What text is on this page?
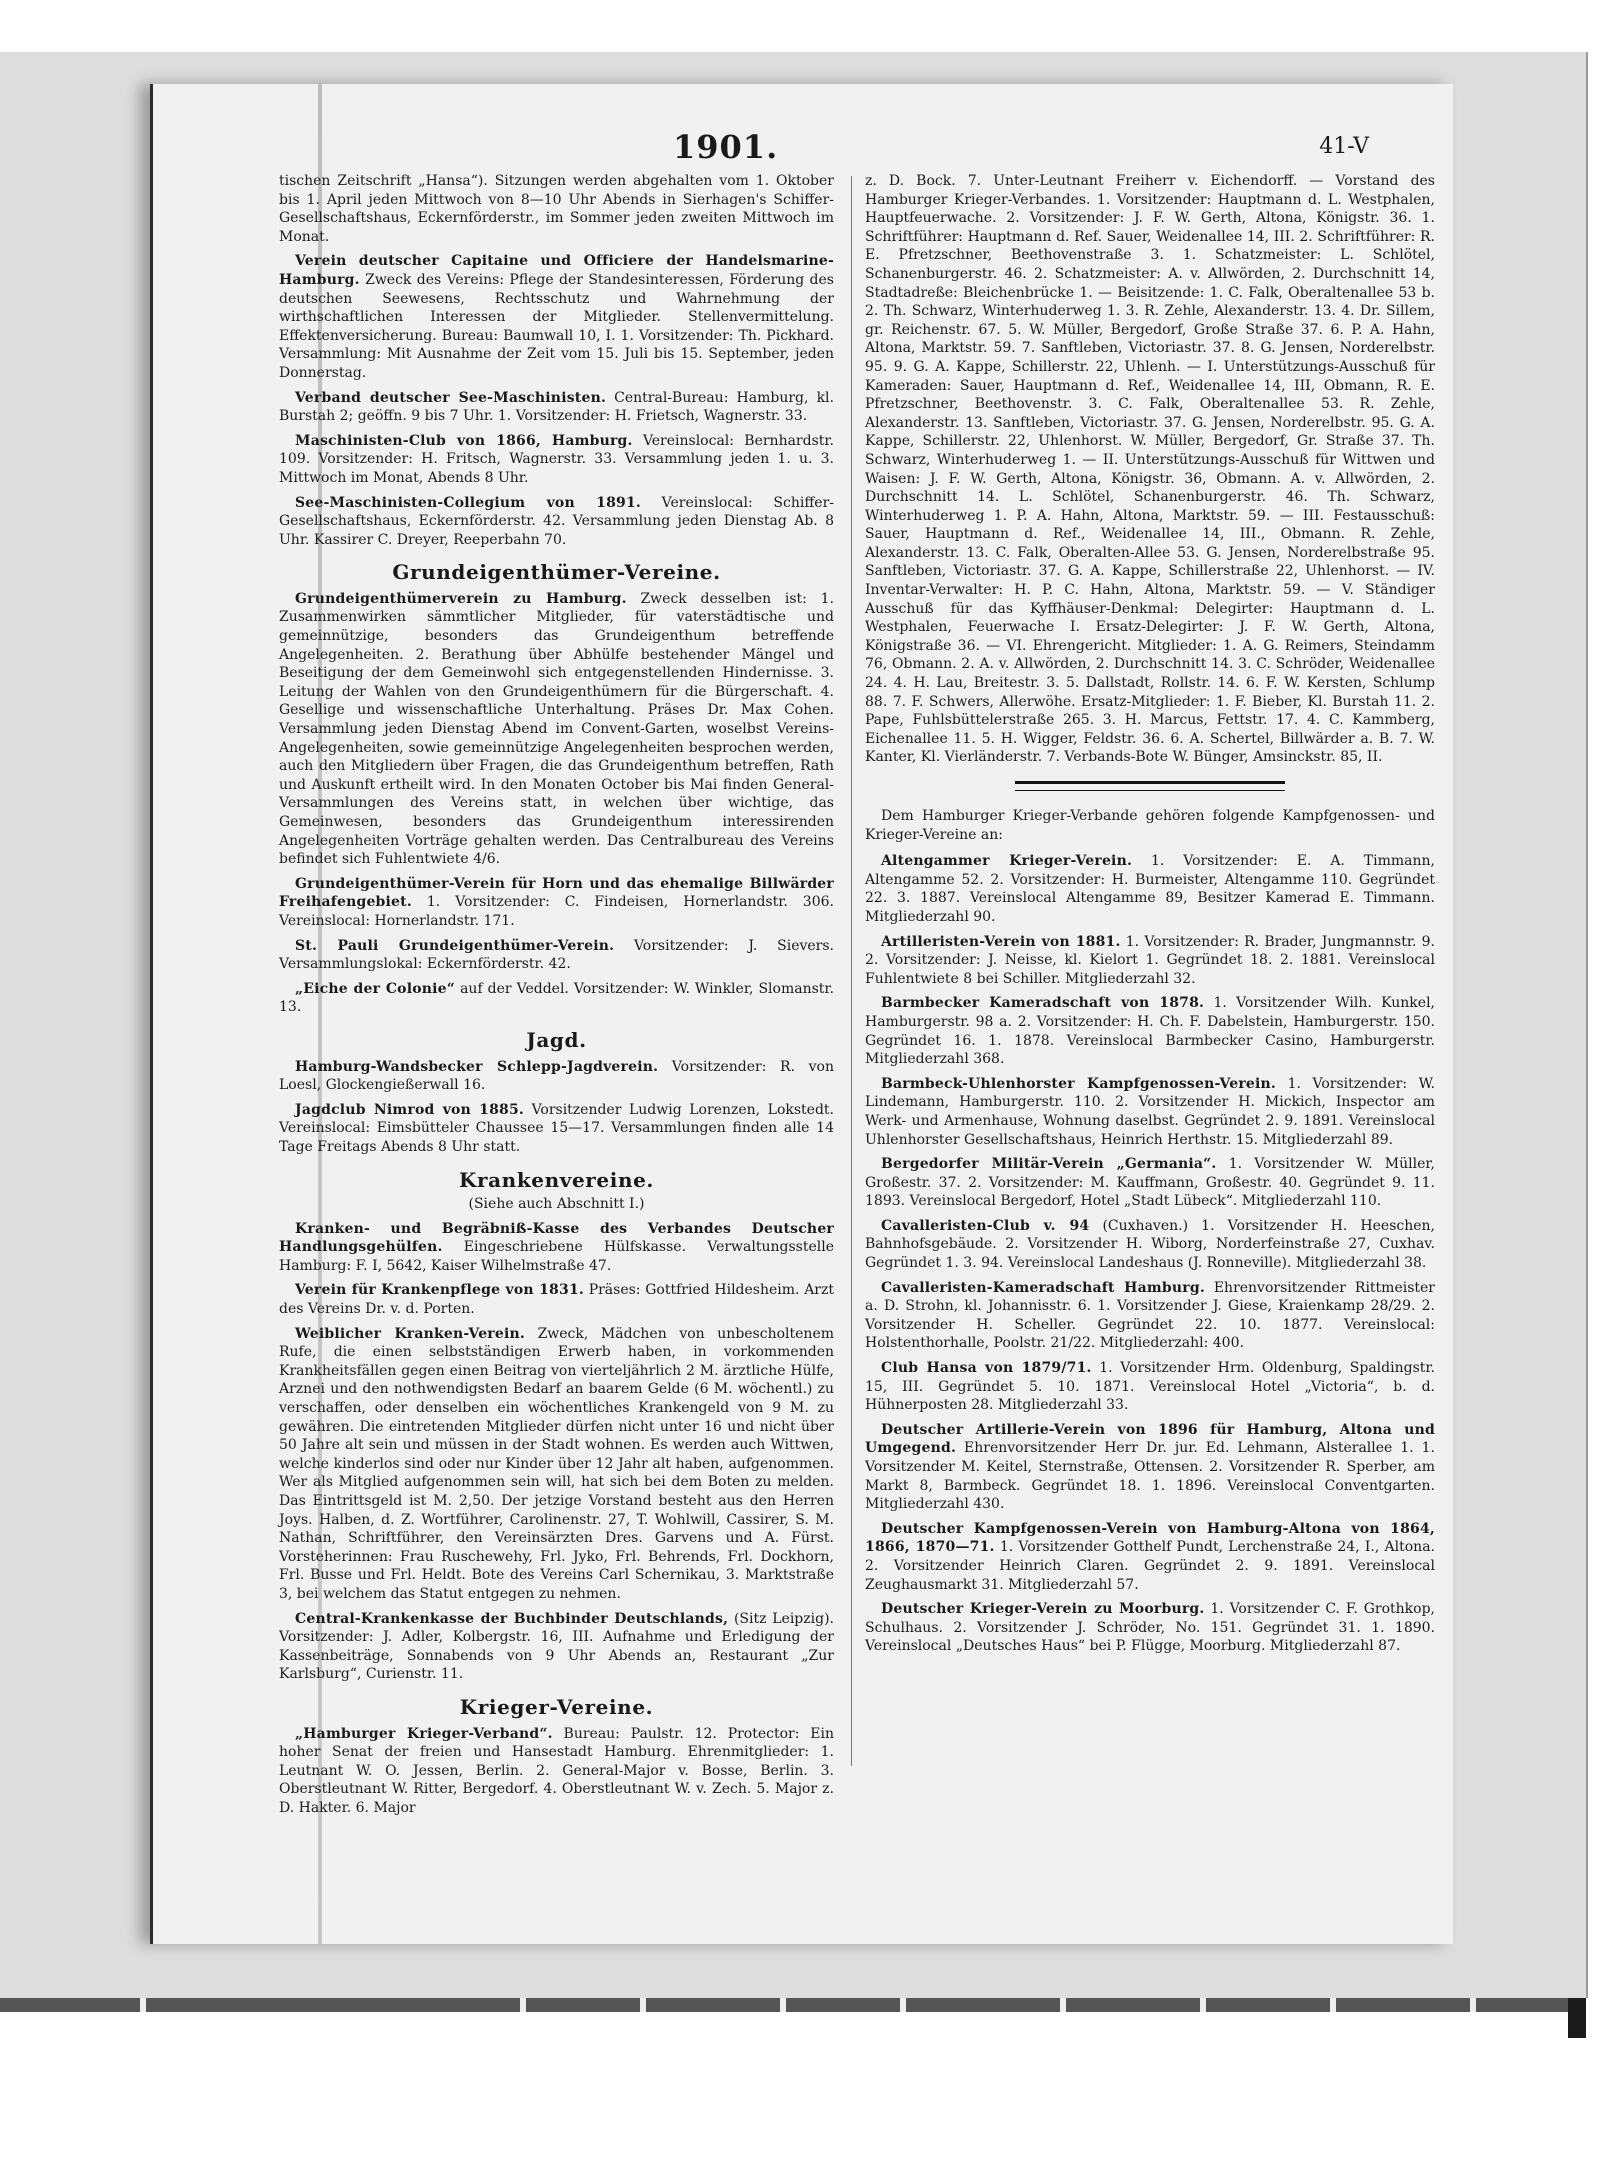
1901.	41-V

tischen Zeitschrift „Hansa“). Sitzungen werden abgehalten vom 1. Oktober bis 1. April jeden Mittwoch von 8—10 Uhr Abends in Sierhagen's Schiffer-Gesellschaftshaus, Eckernförderstr., im Sommer jeden zweiten Mittwoch im Monat.

Verein deutscher Capitaine und Officiere der Handelsmarine-Hamburg. Zweck des Vereins: Pflege der Standesinteressen, Förderung des deutschen Seewesens, Rechtsschutz und Wahrnehmung der wirthschaftlichen Interessen der Mitglieder. Stellenvermittelung. Effektenversicherung. Bureau: Baumwall 10, I. 1. Vorsitzender: Th. Pickhard. Versammlung: Mit Ausnahme der Zeit vom 15. Juli bis 15. September, jeden Donnerstag.

Verband deutscher See-Maschinisten. Central-Bureau: Hamburg, kl. Burstah 2; geöffn. 9 bis 7 Uhr. 1. Vorsitzender: H. Frietsch, Wagnerstr. 33.

Maschinisten-Club von 1866, Hamburg. Vereinslocal: Bernhardstr. 109. Vorsitzender: H. Fritsch, Wagnerstr. 33. Versammlung jeden 1. u. 3. Mittwoch im Monat, Abends 8 Uhr.

See-Maschinisten-Collegium von 1891. Vereinslocal: Schiffer-Gesellschaftshaus, Eckernförderstr. 42. Versammlung jeden Dienstag Ab. 8 Uhr. Kassirer C. Dreyer, Reeperbahn 70.

Grundeigenthümer-Vereine.

Grundeigenthümerverein zu Hamburg. Zweck desselben ist: 1. Zusammenwirken sämmtlicher Mitglieder, für vaterstädtische und gemeinnützige, besonders das Grundeigenthum betreffende Angelegenheiten. 2. Berathung über Abhülfe bestehender Mängel und Beseitigung der dem Gemeinwohl sich entgegenstellenden Hindernisse. 3. Leitung der Wahlen von den Grundeigenthümern für die Bürgerschaft. 4. Gesellige und wissenschaftliche Unterhaltung. Präses Dr. Max Cohen. Versammlung jeden Dienstag Abend im Convent-Garten, woselbst Vereins-Angelegenheiten, sowie gemeinnützige Angelegenheiten besprochen werden, auch den Mitgliedern über Fragen, die das Grundeigenthum betreffen, Rath und Auskunft ertheilt wird. In den Monaten October bis Mai finden General-Versammlungen des Vereins statt, in welchen über wichtige, das Gemeinwesen, besonders das Grundeigenthum interessirenden Angelegenheiten Vorträge gehalten werden. Das Centralbureau des Vereins befindet sich Fuhlentwiete 4/6.

Grundeigenthümer-Verein für Horn und das ehemalige Billwärder Freihafengebiet. 1. Vorsitzender: C. Findeisen, Hornerlandstr. 306. Vereinslocal: Hornerlandstr. 171.

St. Pauli Grundeigenthümer-Verein. Vorsitzender: J. Sievers. Versammlungslokal: Eckernförderstr. 42.

„Eiche der Colonie“ auf der Veddel. Vorsitzender: W. Winkler, Slomanstr. 13.

Jagd.

Hamburg-Wandsbecker Schlepp-Jagdverein. Vorsitzender: R. von Loesl, Glockengießerwall 16.

Jagdclub Nimrod von 1885. Vorsitzender Ludwig Lorenzen, Lokstedt. Vereinslocal: Eimsbütteler Chaussee 15—17. Versammlungen finden alle 14 Tage Freitags Abends 8 Uhr statt.

Krankenvereine.
(Siehe auch Abschnitt I.)

Kranken- und Begräbniß-Kasse des Verbandes Deutscher Handlungsgehülfen. Eingeschriebene Hülfskasse. Verwaltungsstelle Hamburg: F. I, 5642, Kaiser Wilhelmstraße 47.

Verein für Krankenpflege von 1831. Präses: Gottfried Hildesheim. Arzt des Vereins Dr. v. d. Porten.

Weiblicher Kranken-Verein. Zweck, Mädchen von unbescholtenem Rufe, die einen selbstständigen Erwerb haben, in vorkommenden Krankheitsfällen gegen einen Beitrag von vierteljährlich 2 M. ärztliche Hülfe, Arznei und den nothwendigsten Bedarf an baarem Gelde (6 M. wöchentl.) zu verschaffen, oder denselben ein wöchentliches Krankengeld von 9 M. zu gewähren. Die eintretenden Mitglieder dürfen nicht unter 16 und nicht über 50 Jahre alt sein und müssen in der Stadt wohnen. Es werden auch Wittwen, welche kinderlos sind oder nur Kinder über 12 Jahr alt haben, aufgenommen. Wer als Mitglied aufgenommen sein will, hat sich bei dem Boten zu melden. Das Eintrittsgeld ist M. 2,50. Der jetzige Vorstand besteht aus den Herren Joys. Halben, d. Z. Wortführer, Carolinenstr. 27, T. Wohlwill, Cassirer, S. M. Nathan, Schriftführer, den Vereinsärzten Dres. Garvens und A. Fürst. Vorsteherinnen: Frau Ruschewehy, Frl. Jyko, Frl. Behrends, Frl. Dockhorn, Frl. Busse und Frl. Heldt. Bote des Vereins Carl Schernikau, 3. Marktstraße 3, bei welchem das Statut entgegen zu nehmen.

Central-Krankenkasse der Buchbinder Deutschlands, (Sitz Leipzig). Vorsitzender: J. Adler, Kolbergstr. 16, III. Aufnahme und Erledigung der Kassenbeiträge, Sonnabends von 9 Uhr Abends an, Restaurant „Zur Karlsburg“, Curienstr. 11.

Krieger-Vereine.

„Hamburger Krieger-Verband“. Bureau: Paulstr. 12. Protector: Ein hoher Senat der freien und Hansestadt Hamburg. Ehrenmitglieder: 1. Leutnant W. O. Jessen, Berlin. 2. General-Major v. Bosse, Berlin. 3. Oberstleutnant W. Ritter, Bergedorf. 4. Oberstleutnant W. v. Zech. 5. Major z. D. Hakter. 6. Major

z. D. Bock. 7. Unter-Leutnant Freiherr v. Eichendorff. — Vorstand des Hamburger Krieger-Verbandes. 1. Vorsitzender: Hauptmann d. L. Westphalen, Hauptfeuerwache. 2. Vorsitzender: J. F. W. Gerth, Altona, Königstr. 36. 1. Schriftführer: Hauptmann d. Ref. Sauer, Weidenallee 14, III. 2. Schriftführer: R. E. Pfretzschner, Beethovenstraße 3. 1. Schatzmeister: L. Schlötel, Schanenburgerstr. 46. 2. Schatzmeister: A. v. Allwörden, 2. Durchschnitt 14, Stadtadreße: Bleichenbrücke 1. — Beisitzende: 1. C. Falk, Oberaltenallee 53 b. 2. Th. Schwarz, Winterhuderweg 1. 3. R. Zehle, Alexanderstr. 13. 4. Dr. Sillem, gr. Reichenstr. 67. 5. W. Müller, Bergedorf, Große Straße 37. 6. P. A. Hahn, Altona, Marktstr. 59. 7. Sanftleben, Victoriastr. 37. 8. G. Jensen, Norderelbstr. 95. 9. G. A. Kappe, Schillerstr. 22, Uhlenh. — I. Unterstützungs-Ausschuß für Kameraden: Sauer, Hauptmann d. Ref., Weidenallee 14, III, Obmann, R. E. Pfretzschner, Beethovenstr. 3. C. Falk, Oberaltenallee 53. R. Zehle, Alexanderstr. 13. Sanftleben, Victoriastr. 37. G. Jensen, Norderelbstr. 95. G. A. Kappe, Schillerstr. 22, Uhlenhorst. W. Müller, Bergedorf, Gr. Straße 37. Th. Schwarz, Winterhuderweg 1. — II. Unterstützungs-Ausschuß für Wittwen und Waisen: J. F. W. Gerth, Altona, Königstr. 36, Obmann. A. v. Allwörden, 2. Durchschnitt 14. L. Schlötel, Schanenburgerstr. 46. Th. Schwarz, Winterhuderweg 1. P. A. Hahn, Altona, Marktstr. 59. — III. Festausschuß: Sauer, Hauptmann d. Ref., Weidenallee 14, III., Obmann. R. Zehle, Alexanderstr. 13. C. Falk, Oberalten-Allee 53. G. Jensen, Norderelbstraße 95. Sanftleben, Victoriastr. 37. G. A. Kappe, Schillerstraße 22, Uhlenhorst. — IV. Inventar-Verwalter: H. P. C. Hahn, Altona, Marktstr. 59. — V. Ständiger Ausschuß für das Kyffhäuser-Denkmal: Delegirter: Hauptmann d. L. Westphalen, Feuerwache I. Ersatz-Delegirter: J. F. W. Gerth, Altona, Königstraße 36. — VI. Ehrengericht. Mitglieder: 1. A. G. Reimers, Steindamm 76, Obmann. 2. A. v. Allwörden, 2. Durchschnitt 14. 3. C. Schröder, Weidenallee 24. 4. H. Lau, Breitestr. 3. 5. Dallstadt, Rollstr. 14. 6. F. W. Kersten, Schlump 88. 7. F. Schwers, Allerwöhe. Ersatz-Mitglieder: 1. F. Bieber, Kl. Burstah 11. 2. Pape, Fuhlsbüttelerstraße 265. 3. H. Marcus, Fettstr. 17. 4. C. Kammberg, Eichenallee 11. 5. H. Wigger, Feldstr. 36. 6. A. Schertel, Billwärder a. B. 7. W. Kanter, Kl. Vierländerstr. 7. Verbands-Bote W. Bünger, Amsinckstr. 85, II.

Dem Hamburger Krieger-Verbande gehören folgende Kampfgenossen- und Krieger-Vereine an:

Altengammer Krieger-Verein. 1. Vorsitzender: E. A. Timmann, Altengamme 52. 2. Vorsitzender: H. Burmeister, Altengamme 110. Gegründet 22. 3. 1887. Vereinslocal Altengamme 89, Besitzer Kamerad E. Timmann. Mitgliederzahl 90.

Artilleristen-Verein von 1881. 1. Vorsitzender: R. Brader, Jungmannstr. 9. 2. Vorsitzender: J. Neisse, kl. Kielort 1. Gegründet 18. 2. 1881. Vereinslocal Fuhlentwiete 8 bei Schiller. Mitgliederzahl 32.

Barmbecker Kameradschaft von 1878. 1. Vorsitzender Wilh. Kunkel, Hamburgerstr. 98 a. 2. Vorsitzender: H. Ch. F. Dabelstein, Hamburgerstr. 150. Gegründet 16. 1. 1878. Vereinslocal Barmbecker Casino, Hamburgerstr. Mitgliederzahl 368.

Barmbeck-Uhlenhorster Kampfgenossen-Verein. 1. Vorsitzender: W. Lindemann, Hamburgerstr. 110. 2. Vorsitzender H. Mickich, Inspector am Werk- und Armenhause, Wohnung daselbst. Gegründet 2. 9. 1891. Vereinslocal Uhlenhorster Gesellschaftshaus, Heinrich Herthstr. 15. Mitgliederzahl 89.

Bergedorfer Militär-Verein „Germania“. 1. Vorsitzender W. Müller, Großestr. 37. 2. Vorsitzender: M. Kauffmann, Großestr. 40. Gegründet 9. 11. 1893. Vereinslocal Bergedorf, Hotel „Stadt Lübeck“. Mitgliederzahl 110.

Cavalleristen-Club v. 94 (Cuxhaven.) 1. Vorsitzender H. Heeschen, Bahnhofsgebäude. 2. Vorsitzender H. Wiborg, Norderfeinstraße 27, Cuxhav. Gegründet 1. 3. 94. Vereinslocal Landeshaus (J. Ronneville). Mitgliederzahl 38.

Cavalleristen-Kameradschaft Hamburg. Ehrenvorsitzender Rittmeister a. D. Strohn, kl. Johannisstr. 6. 1. Vorsitzender J. Giese, Kraienkamp 28/29. 2. Vorsitzender H. Scheller. Gegründet 22. 10. 1877. Vereinslocal: Holstenthorhalle, Poolstr. 21/22. Mitgliederzahl: 400.

Club Hansa von 1879/71. 1. Vorsitzender Hrm. Oldenburg, Spaldingstr. 15, III. Gegründet 5. 10. 1871. Vereinslocal Hotel „Victoria“, b. d. Hühnerposten 28. Mitgliederzahl 33.

Deutscher Artillerie-Verein von 1896 für Hamburg, Altona und Umgegend. Ehrenvorsitzender Herr Dr. jur. Ed. Lehmann, Alsterallee 1. 1. Vorsitzender M. Keitel, Sternstraße, Ottensen. 2. Vorsitzender R. Sperber, am Markt 8, Barmbeck. Gegründet 18. 1. 1896. Vereinslocal Conventgarten. Mitgliederzahl 430.

Deutscher Kampfgenossen-Verein von Hamburg-Altona von 1864, 1866, 1870—71. 1. Vorsitzender Gotthelf Pundt, Lerchenstraße 24, I., Altona. 2. Vorsitzender Heinrich Claren. Gegründet 2. 9. 1891. Vereinslocal Zeughausmarkt 31. Mitgliederzahl 57.

Deutscher Krieger-Verein zu Moorburg. 1. Vorsitzender C. F. Grothkop, Schulhaus. 2. Vorsitzender J. Schröder, No. 151. Gegründet 31. 1. 1890. Vereinslocal „Deutsches Haus“ bei P. Flügge, Moorburg. Mitgliederzahl 87.
